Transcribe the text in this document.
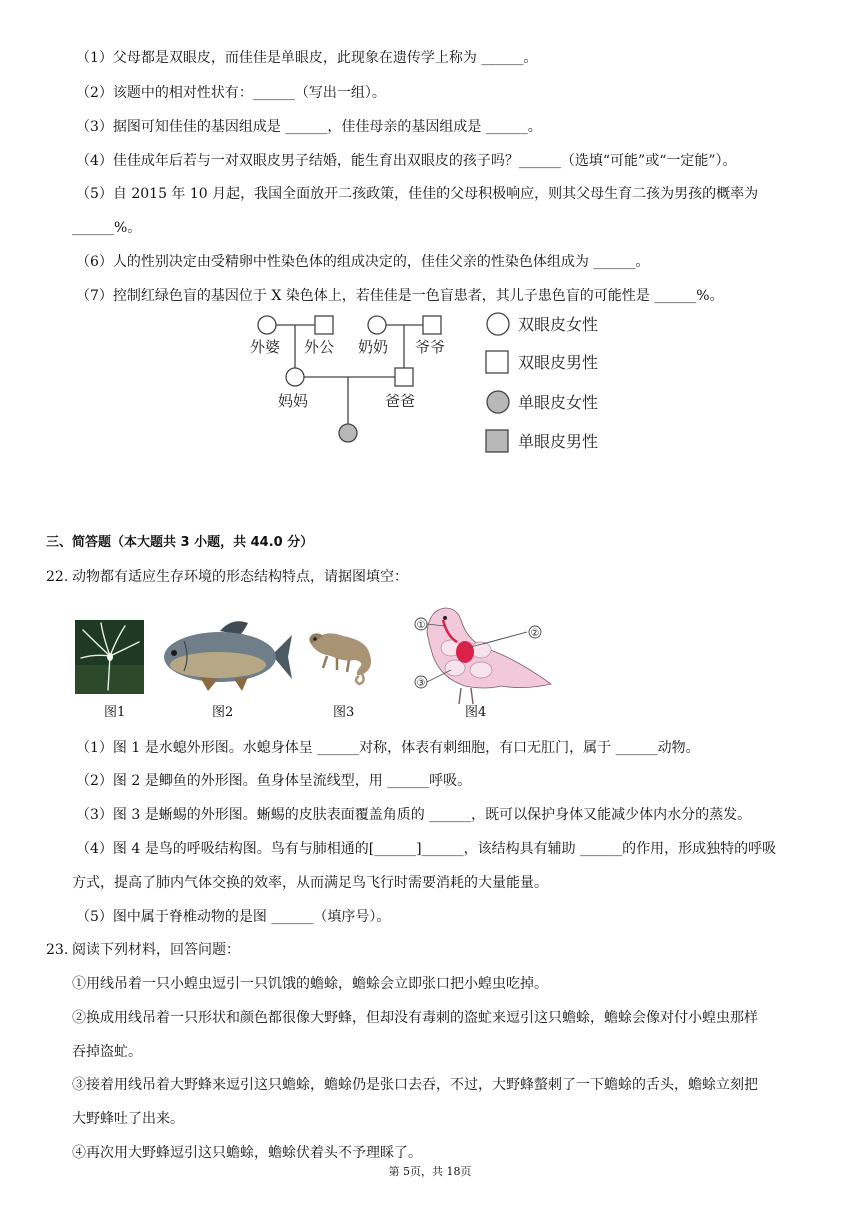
（1）父母都是双眼皮，而佳佳是单眼皮，此现象在遗传学上称为 ______。
（2）该题中的相对性状有：______（写出一组）。
（3）据图可知佳佳的基因组成是 ______，佳佳母亲的基因组成是 ______。
（4）佳佳成年后若与一对双眼皮男子结婚，能生育出双眼皮的孩子吗？______（选填“可能”或“一定能”）。
（5）自 2015 年 10 月起，我国全面放开二孩政策，佳佳的父母积极响应，则其父母生育二孩为男孩的概率为
______%。
（6）人的性别决定由受精卵中性染色体的组成决定的，佳佳父亲的性染色体组成为 ______。
（7）控制红绿色盲的基因位于 X 染色体上，若佳佳是一色盲患者，其儿子患色盲的可能性是 ______%。
外婆 外公 奶奶 爷爷
妈妈	爸爸
双眼皮女性
双眼皮男性
单眼皮女性
单眼皮男性
三、简答题（本大题共 3 小题，共 44.0 分）
22. 动物都有适应生存环境的形态结构特点，请据图填空：
图1	图2	图3
①
②
③
图4
（1）图 1 是水螅外形图。水螅身体呈 ______对称，体表有刺细胞，有口无肛门，属于 ______动物。
（2）图 2 是鲫鱼的外形图。鱼身体呈流线型，用 ______呼吸。
（3）图 3 是蜥蜴的外形图。蜥蜴的皮肤表面覆盖角质的 ______，既可以保护身体又能减少体内水分的蒸发。
（4）图 4 是鸟的呼吸结构图。鸟有与肺相通的[______]______，该结构具有辅助 ______的作用，形成独特的呼吸
方式，提高了肺内气体交换的效率，从而满足鸟飞行时需要消耗的大量能量。
（5）图中属于脊椎动物的是图 ______（填序号）。
23. 阅读下列材料，回答问题：
①用线吊着一只小蝗虫逗引一只饥饿的蟾蜍，蟾蜍会立即张口把小蝗虫吃掉。
②换成用线吊着一只形状和颜色都很像大野蜂，但却没有毒刺的盗虻来逗引这只蟾蜍，蟾蜍会像对付小蝗虫那样
吞掉盗虻。
③接着用线吊着大野蜂来逗引这只蟾蜍，蟾蜍仍是张口去吞，不过，大野蜂螫刺了一下蟾蜍的舌头，蟾蜍立刻把
大野蜂吐了出来。
④再次用大野蜂逗引这只蟾蜍，蟾蜍伏着头不予理睬了。
第 5页，共 18页
